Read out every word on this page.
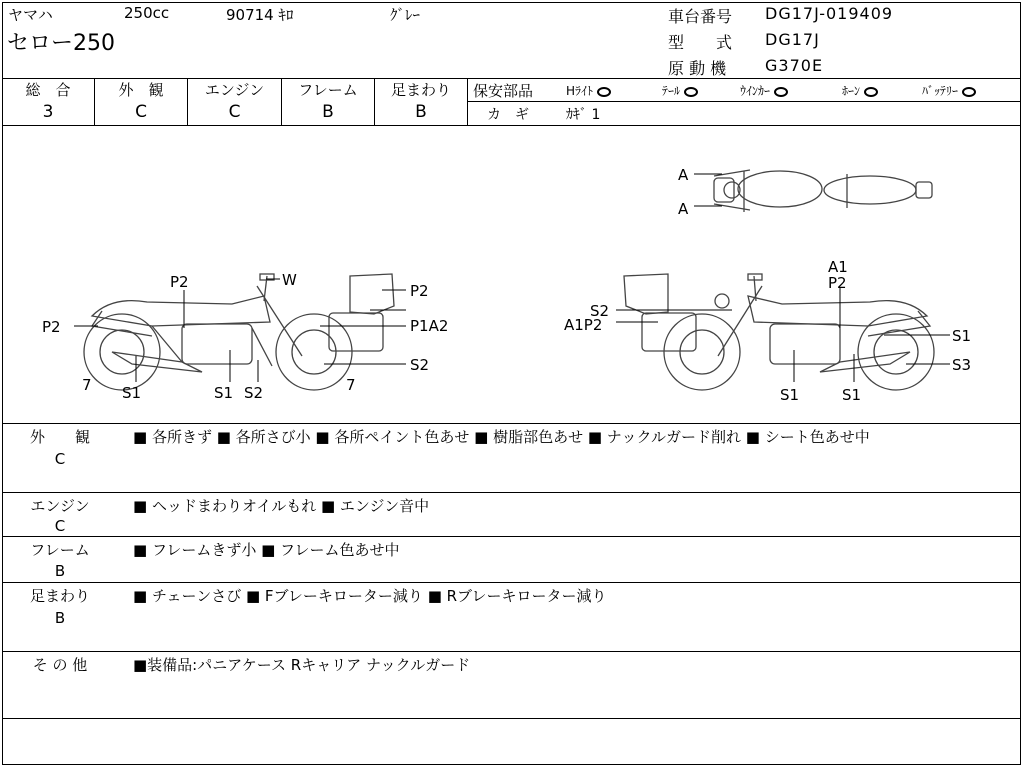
ヤマハ	250cc	90714 ｷﾛ	ｸﾞﾚｰ
セロー250
車台番号 DG17J-019409
型　　式 DG17J
原 動 機 G370E
総　合
3
外　観
C
エンジン
C
フレーム
B
足まわり
B
保安部品	Hﾗｲﾄ	ﾃｰﾙ	ｳｲﾝｶｰ	ﾎｰﾝ	ﾊﾞｯﾃﾘｰ
カ　ギ	ｶｷﾞ 1
A
A
P2	W
P2
P2
P1A2
S2
7	7
S1	S1 S2
A1
P2
S2
A1P2
S1
S3
S1	S1
外　　観
C
■ 各所きず ■ 各所さび小 ■ 各所ペイント色あせ ■ 樹脂部色あせ ■ ナックルガード削れ ■ シート色あせ中
エンジン
C
■ ヘッドまわりオイルもれ ■ エンジン音中
フレーム
B
■ フレームきず小 ■ フレーム色あせ中
足まわり
B
■ チェーンさび ■ Fブレーキローター減り ■ Rブレーキローター減り
そ の 他	■装備品:パニアケース Rキャリア ナックルガード
